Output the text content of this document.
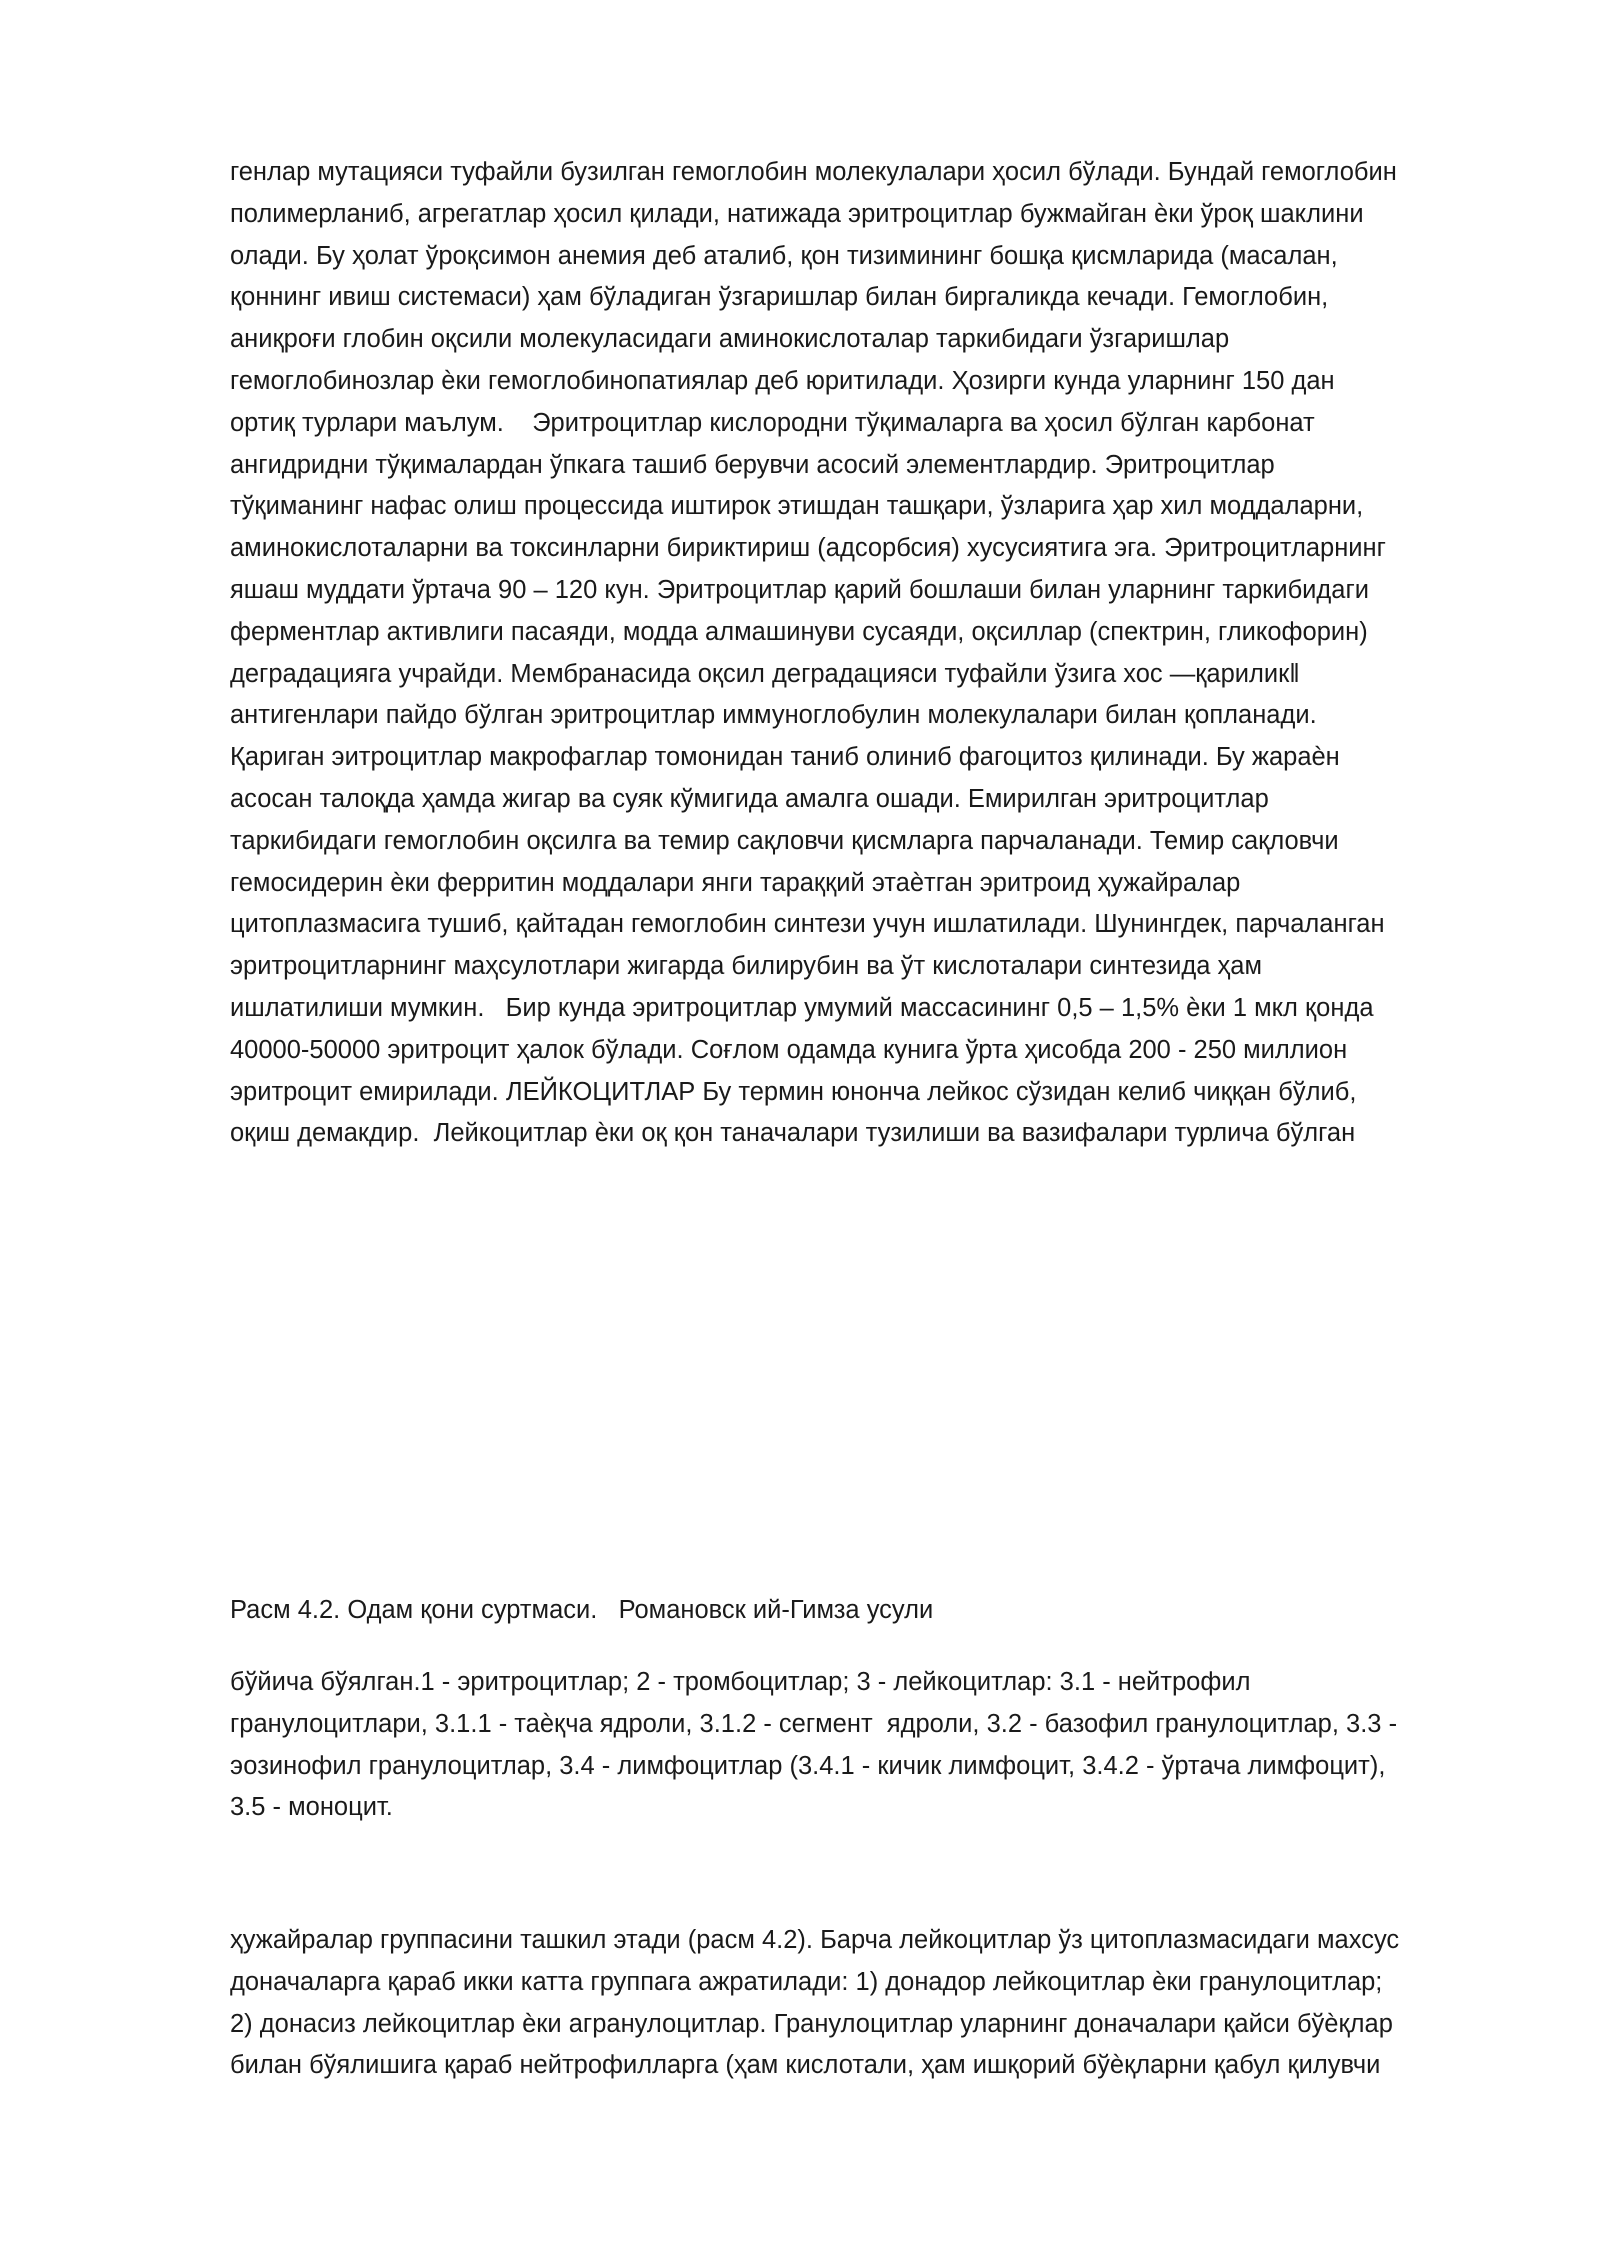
генлар мутацияси туфайли бузилган гемоглобин молекулалари ҳосил бўлади. Бундай гемоглобин
полимерланиб, агрегатлар ҳосил қилади, натижада эритроцитлар бужмайган ѐки ўроқ шаклини
олади. Бу ҳолат ўроқсимон анемия деб аталиб, қон тизимининг бошқа қисмларида (масалан,
қоннинг ивиш системаси) ҳам бўладиган ўзгаришлар билан биргаликда кечади. Гемоглобин,
аниқроғи глобин оқсили молекуласидаги аминокислоталар таркибидаги ўзгаришлар
гемоглобинозлар ѐки гемоглобинопатиялар деб юритилади. Ҳозирги кунда уларнинг 150 дан
ортиқ турлари маълум.    Эритроцитлар кислородни тўқималарга ва ҳосил бўлган карбонат
ангидридни тўқималардан ўпкага ташиб берувчи асосий элементлардир. Эритроцитлар
тўқиманинг нафас олиш процессида иштирок этишдан ташқари, ўзларига ҳар хил моддаларни,
аминокислоталарни ва токсинларни бириктириш (адсорбсия) хусусиятига эга. Эритроцитларнинг
яшаш муддати ўртача 90 – 120 кун. Эритроцитлар қарий бошлаши билан уларнинг таркибидаги
ферментлар активлиги пасаяди, модда алмашинуви сусаяди, оқсиллар (спектрин, гликофорин)
деградацияга учрайди. Мембранасида оқсил деградацияси туфайли ўзига хос ―қарилик‖
антигенлари пайдо бўлган эритроцитлар иммуноглобулин молекулалари билан қопланади.
Қариган эитроцитлар макрофаглар томонидан таниб олиниб фагоцитоз қилинади. Бу жараѐн
асосан талоқда ҳамда жигар ва суяк кўмигида амалга ошади. Емирилган эритроцитлар
таркибидаги гемоглобин оқсилга ва темир сақловчи қисмларга парчаланади. Темир сақловчи
гемосидерин ѐки ферритин моддалари янги тараққий этаѐтган эритроид ҳужайралар
цитоплазмасига тушиб, қайтадан гемоглобин синтези учун ишлатилади. Шунингдек, парчаланган
эритроцитларнинг маҳсулотлари жигарда билирубин ва ўт кислоталари синтезида ҳам
ишлатилиши мумкин.   Бир кунда эритроцитлар умумий массасининг 0,5 – 1,5% ѐки 1 мкл қонда
40000-50000 эритроцит ҳалок бўлади. Соғлом одамда кунига ўрта ҳисобда 200 - 250 миллион
эритроцит емирилади. ЛЕЙКОЦИТЛАР Бу термин юнонча лейкос сўзидан келиб чиққан бўлиб,
оқиш демакдир.  Лейкоцитлар ѐки оқ қон таначалари тузилиши ва вазифалари турлича бўлган

Расм 4.2. Одам қони суртмаси.   Романовск ий-Гимза усули

бўйича бўялган.1 - эритроцитлар; 2 - тромбоцитлар; 3 - лейкоцитлар: 3.1 - нейтрофил
гранулоцитлари, 3.1.1 - таѐқча ядроли, 3.1.2 - сегмент  ядроли, 3.2 - базофил гранулоцитлар, 3.3 -
эозинофил гранулоцитлар, 3.4 - лимфоцитлар (3.4.1 - кичик лимфоцит, 3.4.2 - ўртача лимфоцит),
3.5 - моноцит.

ҳужайралар группасини ташкил этади (расм 4.2). Барча лейкоцитлар ўз цитоплазмасидаги махсус
доначаларга қараб икки катта группага ажратилади: 1) донадор лейкоцитлар ѐки гранулоцитлар;
2) донасиз лейкоцитлар ѐки агранулоцитлар. Гранулоцитлар уларнинг доначалари қайси бўѐқлар
билан бўялишига қараб нейтрофилларга (ҳам кислотали, ҳам ишқорий бўѐқларни қабул қилувчи
